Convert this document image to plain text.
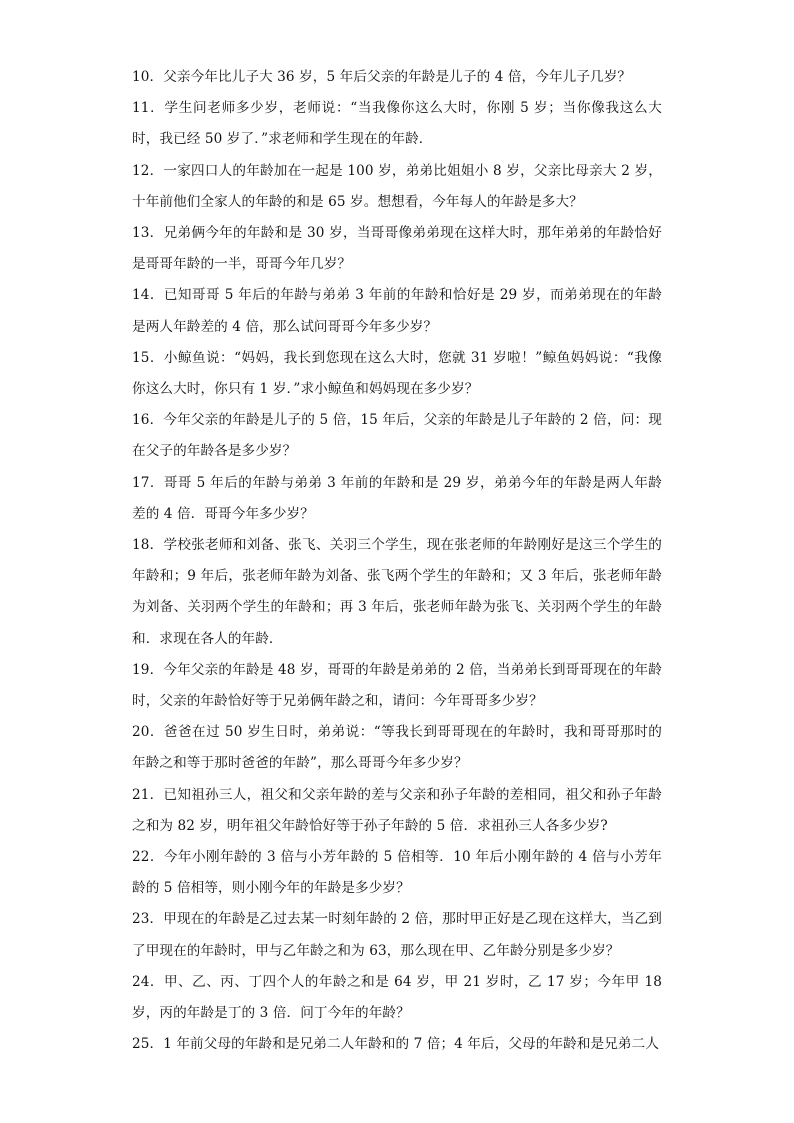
10．父亲今年比儿子大 36 岁，5 年后父亲的年龄是儿子的 4 倍，今年儿子几岁？

11．学生问老师多少岁，老师说：“当我像你这么大时，你刚 5 岁；当你像我这么大时，我已经 50 岁了．”求老师和学生现在的年龄．

12．一家四口人的年龄加在一起是 100 岁，弟弟比姐姐小 8 岁，父亲比母亲大 2 岁，十年前他们全家人的年龄的和是 65 岁。想想看，今年每人的年龄是多大？

13．兄弟俩今年的年龄和是 30 岁，当哥哥像弟弟现在这样大时，那年弟弟的年龄恰好是哥哥年龄的一半，哥哥今年几岁？

14．已知哥哥 5 年后的年龄与弟弟 3 年前的年龄和恰好是 29 岁，而弟弟现在的年龄是两人年龄差的 4 倍，那么试问哥哥今年多少岁？

15．小鲸鱼说：“妈妈，我长到您现在这么大时，您就 31 岁啦！”鲸鱼妈妈说：“我像你这么大时，你只有 1 岁．”求小鲸鱼和妈妈现在多少岁？

16．今年父亲的年龄是儿子的 5 倍，15 年后，父亲的年龄是儿子年龄的 2 倍，问：现在父子的年龄各是多少岁？

17．哥哥 5 年后的年龄与弟弟 3 年前的年龄和是 29 岁，弟弟今年的年龄是两人年龄差的 4 倍．哥哥今年多少岁？

18．学校张老师和刘备、张飞、关羽三个学生，现在张老师的年龄刚好是这三个学生的年龄和；9 年后，张老师年龄为刘备、张飞两个学生的年龄和；又 3 年后，张老师年龄为刘备、关羽两个学生的年龄和；再 3 年后，张老师年龄为张飞、关羽两个学生的年龄和．求现在各人的年龄．

19．今年父亲的年龄是 48 岁，哥哥的年龄是弟弟的 2 倍，当弟弟长到哥哥现在的年龄时，父亲的年龄恰好等于兄弟俩年龄之和，请问：今年哥哥多少岁？

20．爸爸在过 50 岁生日时，弟弟说：“等我长到哥哥现在的年龄时，我和哥哥那时的年龄之和等于那时爸爸的年龄”，那么哥哥今年多少岁？

21．已知祖孙三人，祖父和父亲年龄的差与父亲和孙子年龄的差相同，祖父和孙子年龄之和为 82 岁，明年祖父年龄恰好等于孙子年龄的 5 倍．求祖孙三人各多少岁?

22．今年小刚年龄的 3 倍与小芳年龄的 5 倍相等．10 年后小刚年龄的 4 倍与小芳年龄的 5 倍相等，则小刚今年的年龄是多少岁？

23．甲现在的年龄是乙过去某一时刻年龄的 2 倍，那时甲正好是乙现在这样大，当乙到了甲现在的年龄时，甲与乙年龄之和为 63，那么现在甲、乙年龄分别是多少岁？

24．甲、乙、丙、丁四个人的年龄之和是 64 岁，甲 21 岁时，乙 17 岁；今年甲 18 岁，丙的年龄是丁的 3 倍．问丁今年的年龄？

25．1 年前父母的年龄和是兄弟二人年龄和的 7 倍；4 年后，父母的年龄和是兄弟二人
